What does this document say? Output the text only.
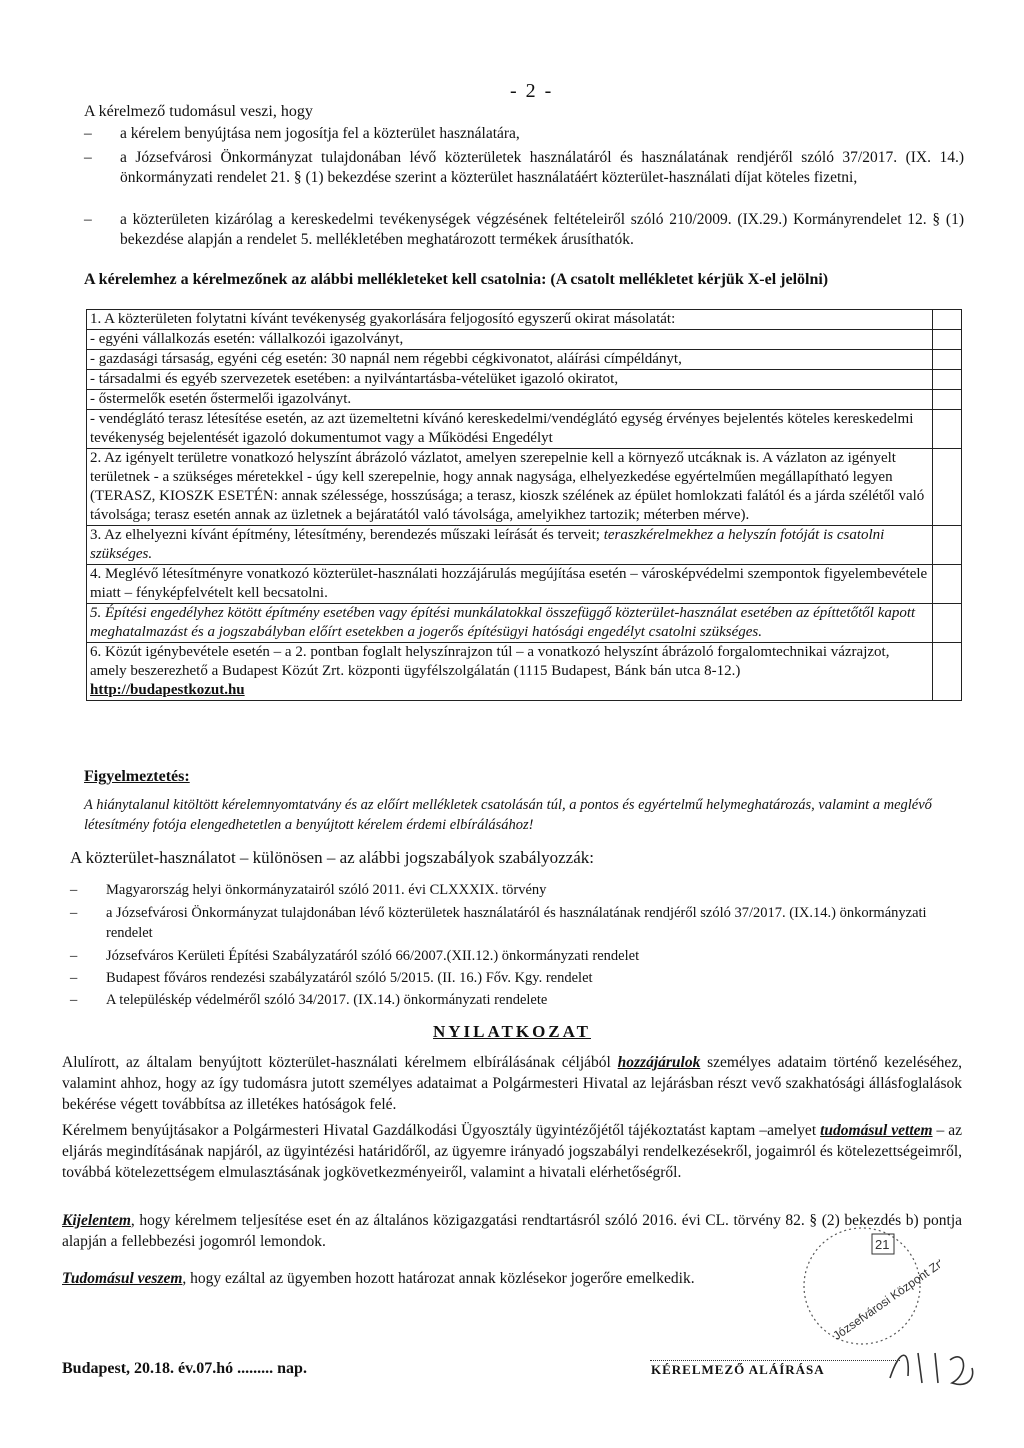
- 2 -
A kérelmező tudomásul veszi, hogy
– a kérelem benyújtása nem jogosítja fel a közterület használatára,
– a Józsefvárosi Önkormányzat tulajdonában lévő közterületek használatáról és használatának rendjéről szóló 37/2017. (IX. 14.) önkormányzati rendelet 21. § (1) bekezdése szerint a közterület használatáért közterület-használati díjat köteles fizetni,
– a közterületen kizárólag a kereskedelmi tevékenységek végzésének feltételeiről szóló 210/2009. (IX.29.) Kormányrendelet 12. § (1) bekezdése alapján a rendelet 5. mellékletében meghatározott termékek árusíthatók.
A kérelemhez a kérelmezőnek az alábbi mellékleteket kell csatolnia: (A csatolt mellékletet kérjük X-el jelölni)
1. A közterületen folytatni kívánt tevékenység gyakorlására feljogosító egyszerű okirat másolatát:	
- egyéni vállalkozás esetén: vállalkozói igazolványt,	
- gazdasági társaság, egyéni cég esetén: 30 napnál nem régebbi cégkivonatot, aláírási címpéldányt,	
- társadalmi és egyéb szervezetek esetében: a nyilvántartásba-vételüket igazoló okiratot,	
- őstermelők esetén őstermelői igazolványt.	
- vendéglátó terasz létesítése esetén, az azt üzemeltetni kívánó kereskedelmi/vendéglátó egység érvényes bejelentés köteles kereskedelmi tevékenység bejelentését igazoló dokumentumot vagy a Működési Engedélyt	
2. Az igényelt területre vonatkozó helyszínt ábrázoló vázlatot, amelyen szerepelnie kell a környező utcáknak is. A vázlaton az igényelt területnek - a szükséges méretekkel - úgy kell szerepelnie, hogy annak nagysága, elhelyezkedése egyértelműen megállapítható legyen (TERASZ, KIOSZK ESETÉN: annak szélessége, hosszúsága; a terasz, kioszk szélének az épület homlokzati falától és a járda szélétől való távolsága; terasz esetén annak az üzletnek a bejáratától való távolsága, amelyikhez tartozik; méterben mérve).	
3. Az elhelyezni kívánt építmény, létesítmény, berendezés műszaki leírását és terveit; teraszkérelmekhez a helyszín fotóját is csatolni szükséges.	
4. Meglévő létesítményre vonatkozó közterület-használati hozzájárulás megújítása esetén – városképvédelmi szempontok figyelembevétele miatt – fényképfelvételt kell becsatolni.	
5. Építési engedélyhez kötött építmény esetében vagy építési munkálatokkal összefüggő közterület-használat esetében az építtetőtől kapott meghatalmazást és a jogszabályban előírt esetekben a jogerős építésügyi hatósági engedélyt csatolni szükséges.	
6. Közút igénybevétele esetén – a 2. pontban foglalt helyszínrajzon túl – a vonatkozó helyszínt ábrázoló forgalomtechnikai vázrajzot, amely beszerezhető a Budapest Közút Zrt. központi ügyfélszolgálatán (1115 Budapest, Bánk bán utca 8-12.)
http://budapestkozut.hu	
Figyelmeztetés:
A hiánytalanul kitöltött kérelemnyomtatvány és az előírt mellékletek csatolásán túl, a pontos és egyértelmű helymeghatározás, valamint a meglévő létesítmény fotója elengedhetetlen a benyújtott kérelem érdemi elbírálásához!
A közterület-használatot – különösen – az alábbi jogszabályok szabályozzák:
– Magyarország helyi önkormányzatairól szóló 2011. évi CLXXXIX. törvény
– a Józsefvárosi Önkormányzat tulajdonában lévő közterületek használatáról és használatának rendjéről szóló 37/2017. (IX.14.) önkormányzati rendelet
– Józsefváros Kerületi Építési Szabályzatáról szóló 66/2007.(XII.12.) önkormányzati rendelet
– Budapest főváros rendezési szabályzatáról szóló 5/2015. (II. 16.) Főv. Kgy. rendelet
– A településkép védelméről szóló 34/2017. (IX.14.) önkormányzati rendelete
NYILATKOZAT
Alulírott, az általam benyújtott közterület-használati kérelmem elbírálásának céljából hozzájárulok személyes adataim történő kezeléséhez, valamint ahhoz, hogy az így tudomásra jutott személyes adataimat a Polgármesteri Hivatal az lejárásban részt vevő szakhatósági állásfoglalások bekérése végett továbbítsa az illetékes hatóságok felé.
Kérelmem benyújtásakor a Polgármesteri Hivatal Gazdálkodási Ügyosztály ügyintézőjétől tájékoztatást kaptam –amelyet tudomásul vettem – az eljárás megindításának napjáról, az ügyintézési határidőről, az ügyemre irányadó jogszabályi rendelkezésekről, jogaimról és kötelezettségeimről, továbbá kötelezettségem elmulasztásának jogkövetkezményeiről, valamint a hivatali elérhetőségről.
Kijelentem, hogy kérelmem teljesítése eset én az általános közigazgatási rendtartásról szóló 2016. évi CL. törvény 82. § (2) bekezdés b) pontja alapján a fellebbezési jogomról lemondok.
Tudomásul veszem, hogy ezáltal az ügyemben hozott határozat annak közlésekor jogerőre emelkedik.	Józsefvárosi Központ Zrt.
21
Budapest, 20.18. év.07.hó ......... nap.	KÉRELMEZŐ ALÁÍRÁSA
